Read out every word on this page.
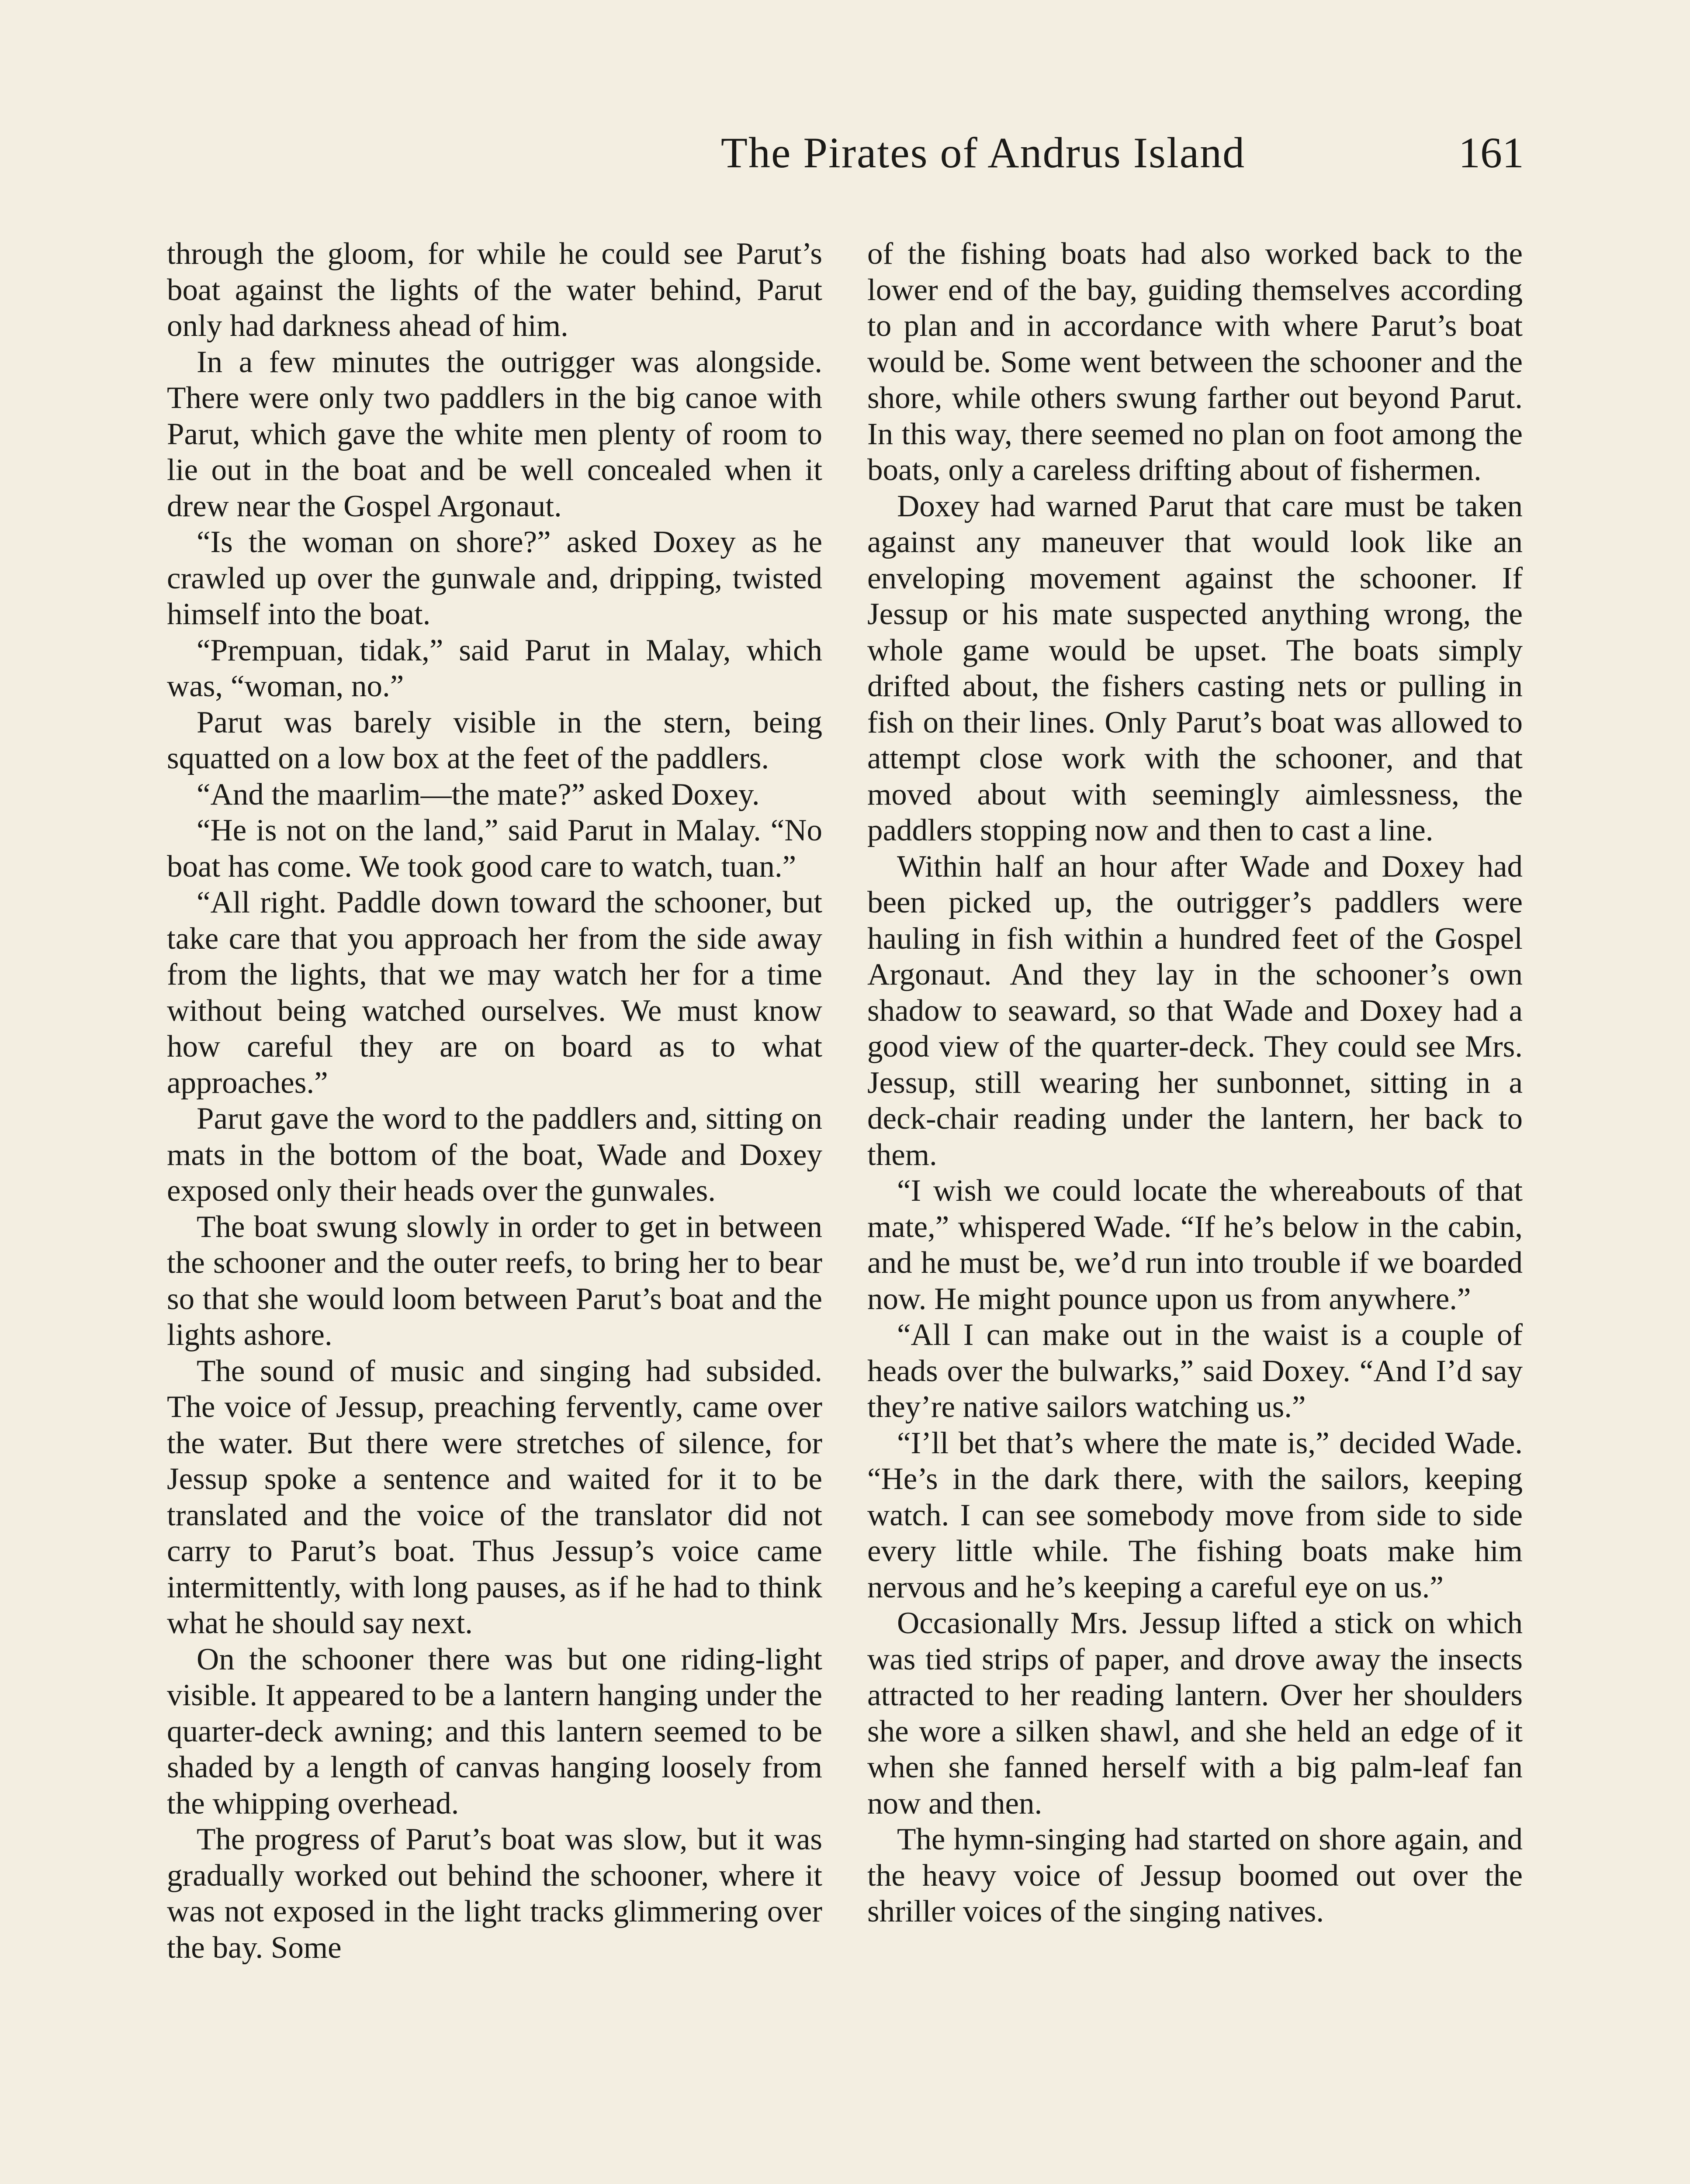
The Pirates of Andrus Island	161

through the gloom, for while he could see Parut’s boat against the lights of the water behind, Parut only had darkness ahead of him.

In a few minutes the outrigger was alongside. There were only two paddlers in the big canoe with Parut, which gave the white men plenty of room to lie out in the boat and be well concealed when it drew near the Gospel Argonaut.

“Is the woman on shore?” asked Doxey as he crawled up over the gunwale and, dripping, twisted himself into the boat.

“Prempuan, tidak,” said Parut in Malay, which was, “woman, no.”

Parut was barely visible in the stern, being squatted on a low box at the feet of the paddlers.

“And the maarlim—the mate?” asked Doxey.

“He is not on the land,” said Parut in Malay. “No boat has come. We took good care to watch, tuan.”

“All right. Paddle down toward the schooner, but take care that you approach her from the side away from the lights, that we may watch her for a time without being watched ourselves. We must know how careful they are on board as to what approaches.”

Parut gave the word to the paddlers and, sitting on mats in the bottom of the boat, Wade and Doxey exposed only their heads over the gunwales.

The boat swung slowly in order to get in between the schooner and the outer reefs, to bring her to bear so that she would loom between Parut’s boat and the lights ashore.

The sound of music and singing had subsided. The voice of Jessup, preaching fervently, came over the water. But there were stretches of silence, for Jessup spoke a sentence and waited for it to be translated and the voice of the translator did not carry to Parut’s boat. Thus Jessup’s voice came intermittently, with long pauses, as if he had to think what he should say next.

On the schooner there was but one riding-light visible. It appeared to be a lantern hanging under the quarter-deck awning; and this lantern seemed to be shaded by a length of canvas hanging loosely from the whipping overhead.

The progress of Parut’s boat was slow, but it was gradually worked out behind the schooner, where it was not exposed in the light tracks glimmering over the bay. Some

of the fishing boats had also worked back to the lower end of the bay, guiding themselves according to plan and in accordance with where Parut’s boat would be. Some went between the schooner and the shore, while others swung farther out beyond Parut. In this way, there seemed no plan on foot among the boats, only a careless drifting about of fishermen.

Doxey had warned Parut that care must be taken against any maneuver that would look like an enveloping movement against the schooner. If Jessup or his mate suspected anything wrong, the whole game would be upset. The boats simply drifted about, the fishers casting nets or pulling in fish on their lines. Only Parut’s boat was allowed to attempt close work with the schooner, and that moved about with seemingly aimlessness, the paddlers stopping now and then to cast a line.

Within half an hour after Wade and Doxey had been picked up, the outrigger’s paddlers were hauling in fish within a hundred feet of the Gospel Argonaut. And they lay in the schooner’s own shadow to seaward, so that Wade and Doxey had a good view of the quarter-deck. They could see Mrs. Jessup, still wearing her sunbonnet, sitting in a deck-chair reading under the lantern, her back to them.

“I wish we could locate the whereabouts of that mate,” whispered Wade. “If he’s below in the cabin, and he must be, we’d run into trouble if we boarded now. He might pounce upon us from anywhere.”

“All I can make out in the waist is a couple of heads over the bulwarks,” said Doxey. “And I’d say they’re native sailors watching us.”

“I’ll bet that’s where the mate is,” decided Wade. “He’s in the dark there, with the sailors, keeping watch. I can see somebody move from side to side every little while. The fishing boats make him nervous and he’s keeping a careful eye on us.”

Occasionally Mrs. Jessup lifted a stick on which was tied strips of paper, and drove away the insects attracted to her reading lantern. Over her shoulders she wore a silken shawl, and she held an edge of it when she fanned herself with a big palm-leaf fan now and then.

The hymn-singing had started on shore again, and the heavy voice of Jessup boomed out over the shriller voices of the singing natives.
